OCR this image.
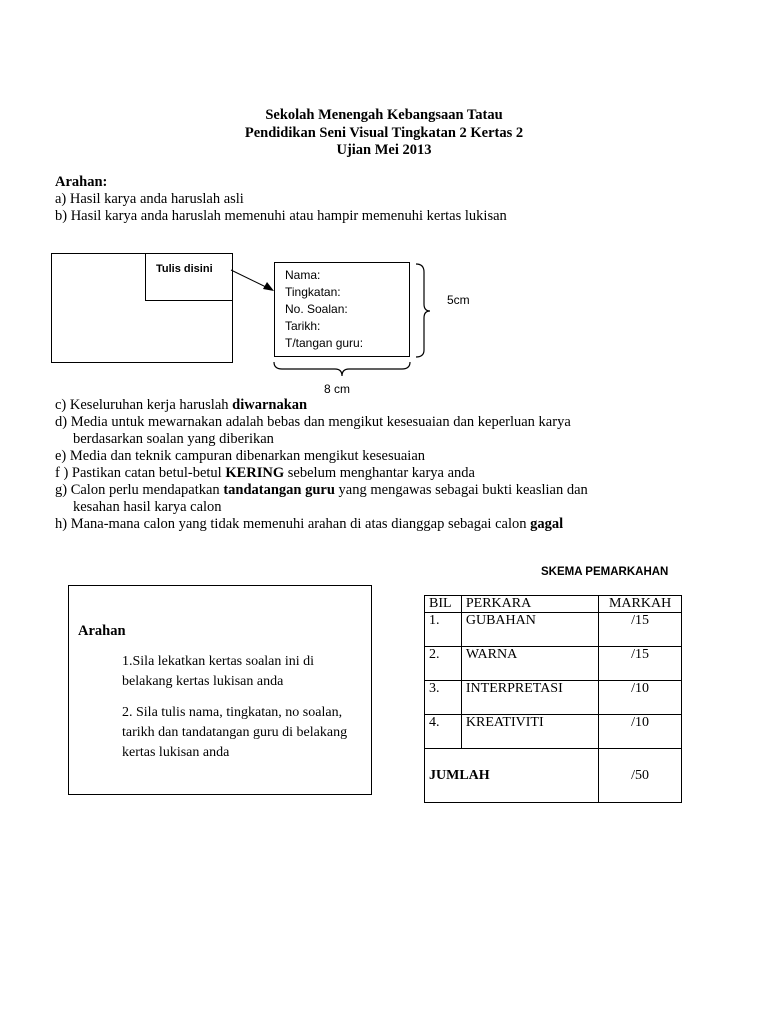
Sekolah Menengah Kebangsaan Tatau
Pendidikan Seni Visual Tingkatan 2 Kertas 2
Ujian Mei 2013
Arahan:
a) Hasil karya anda haruslah asli
b) Hasil karya anda haruslah memenuhi atau hampir memenuhi kertas lukisan
Tulis disini	Nama:
Tingkatan:
No. Soalan:
Tarikh:
T/tangan guru:
5cm
8 cm
c) Keseluruhan kerja haruslah diwarnakan
d) Media untuk mewarnakan adalah bebas dan mengikut kesesuaian dan keperluan karya
berdasarkan soalan yang diberikan
e) Media dan teknik campuran dibenarkan mengikut kesesuaian
f ) Pastikan catan betul-betul KERING sebelum menghantar karya anda
g) Calon perlu mendapatkan tandatangan guru yang mengawas sebagai bukti keaslian dan
kesahan hasil karya calon
h) Mana-mana calon yang tidak memenuhi arahan di atas dianggap sebagai calon gagal
SKEMA PEMARKAHAN
Arahan
1.Sila lekatkan kertas soalan ini di belakang kertas lukisan anda
2. Sila tulis nama, tingkatan, no soalan, tarikh dan tandatangan guru di belakang kertas lukisan anda
BIL	PERKARA	MARKAH
1.	GUBAHAN	/15
2.	WARNA	/15
3.	INTERPRETASI	/10
4.	KREATIVITI	/10
JUMLAH		/50
